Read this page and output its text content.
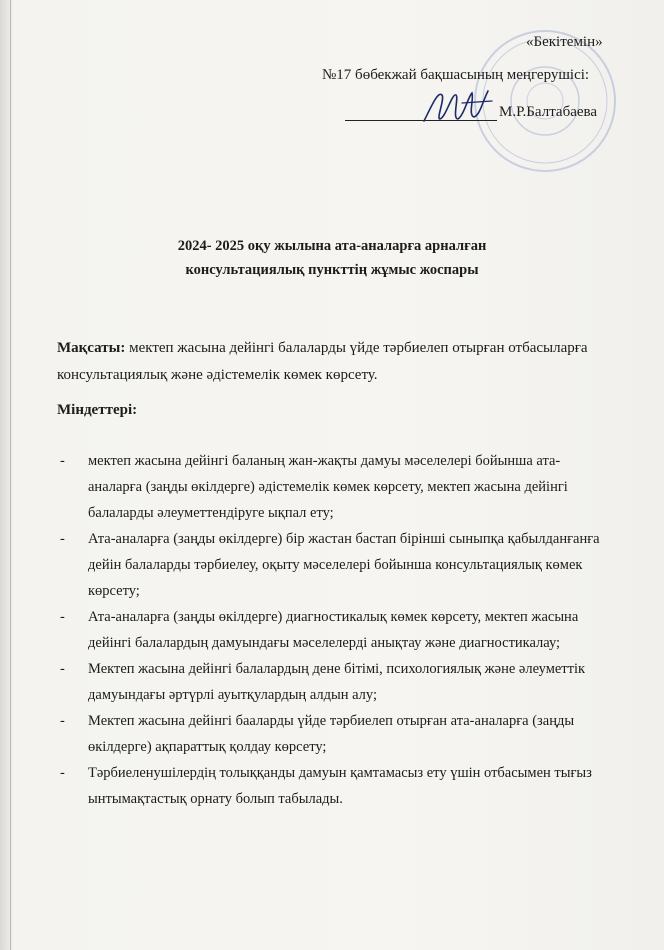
«Бекітемін»
№17 бөбекжай бақшасының меңгерушісі:
М.Р.Балтабаева
2024- 2025 оқу жылына ата-аналарға арналған
консультациялық пункттің жұмыс жоспары
Мақсаты: мектеп жасына дейінгі балаларды үйде тәрбиелеп отырған отбасыларға консультациялық және әдістемелік көмек көрсету.
Міндеттері:
- мектеп жасына дейінгі баланың жан-жақты дамуы мәселелері бойынша ата-аналарға (заңды өкілдерге) әдістемелік көмек көрсету, мектеп жасына дейінгі балаларды әлеуметтендіруге ықпал ету;
- Ата-аналарға (заңды өкілдерге) бір жастан бастап бірінші сыныпқа қабылданғанға дейін балаларды тәрбиелеу, оқыту мәселелері бойынша консультациялық көмек көрсету;
- Ата-аналарға (заңды өкілдерге) диагностикалық көмек көрсету, мектеп жасына дейінгі балалардың дамуындағы мәселелерді анықтау және диагностикалау;
- Мектеп жасына дейінгі балалардың дене бітімі, психологиялық және әлеуметтік дамуындағы әртүрлі ауытқулардың алдын алу;
- Мектеп жасына дейінгі бааларды үйде тәрбиелеп отырған ата-аналарға (заңды өкілдерге) ақпараттық қолдау көрсету;
- Тәрбиеленушілердің толыққанды дамуын қамтамасыз ету үшін отбасымен тығыз ынтымақтастық орнату болып табылады.
